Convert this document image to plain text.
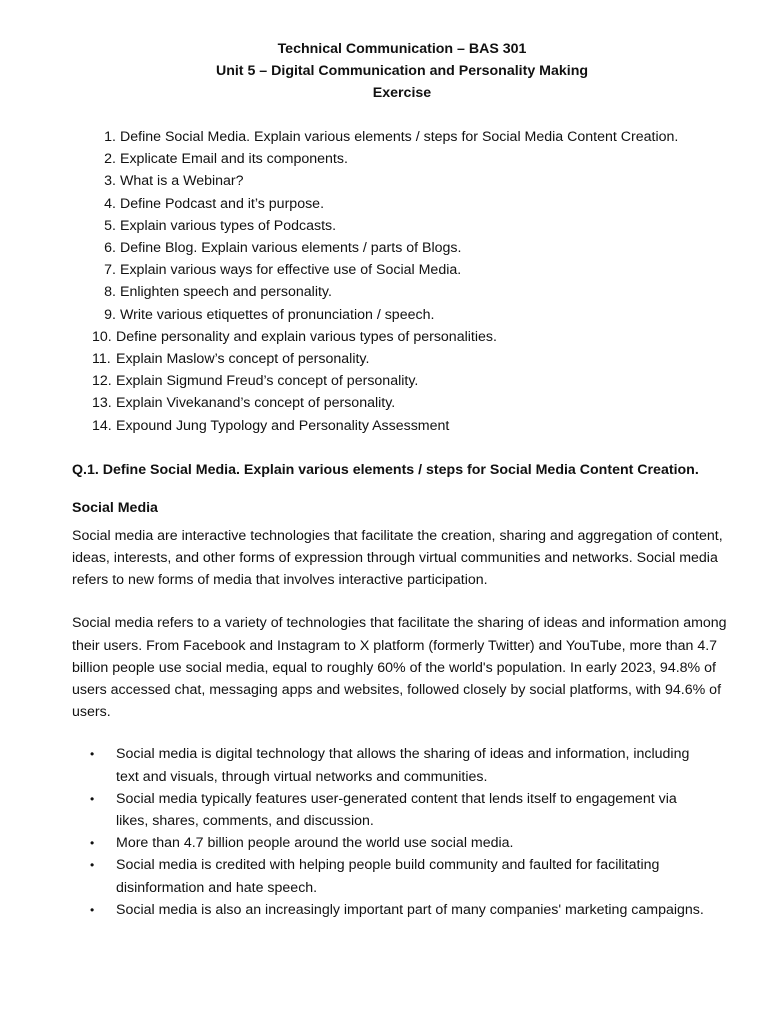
Technical Communication – BAS 301
Unit 5 – Digital Communication and Personality Making
Exercise
1. Define Social Media. Explain various elements / steps for Social Media Content Creation.
2. Explicate Email and its components.
3. What is a Webinar?
4. Define Podcast and it’s purpose.
5. Explain various types of Podcasts.
6. Define Blog. Explain various elements / parts of Blogs.
7. Explain various ways for effective use of Social Media.
8. Enlighten speech and personality.
9. Write various etiquettes of pronunciation / speech.
10. Define personality and explain various types of personalities.
11. Explain Maslow’s concept of personality.
12. Explain Sigmund Freud’s concept of personality.
13. Explain Vivekanand’s concept of personality.
14. Expound Jung Typology and Personality Assessment

Q.1. Define Social Media. Explain various elements / steps for Social Media Content Creation.

Social Media

Social media are interactive technologies that facilitate the creation, sharing and aggregation of content, ideas, interests, and other forms of expression through virtual communities and networks. Social media refers to new forms of media that involves interactive participation.

Social media refers to a variety of technologies that facilitate the sharing of ideas and information among their users. From Facebook and Instagram to X platform (formerly Twitter) and YouTube, more than 4.7 billion people use social media, equal to roughly 60% of the world's population. In early 2023, 94.8% of users accessed chat, messaging apps and websites, followed closely by social platforms, with 94.6% of users.

•	Social media is digital technology that allows the sharing of ideas and information, including text and visuals, through virtual networks and communities.
•	Social media typically features user-generated content that lends itself to engagement via likes, shares, comments, and discussion.
•	More than 4.7 billion people around the world use social media.
•	Social media is credited with helping people build community and faulted for facilitating disinformation and hate speech.
•	Social media is also an increasingly important part of many companies' marketing campaigns.
